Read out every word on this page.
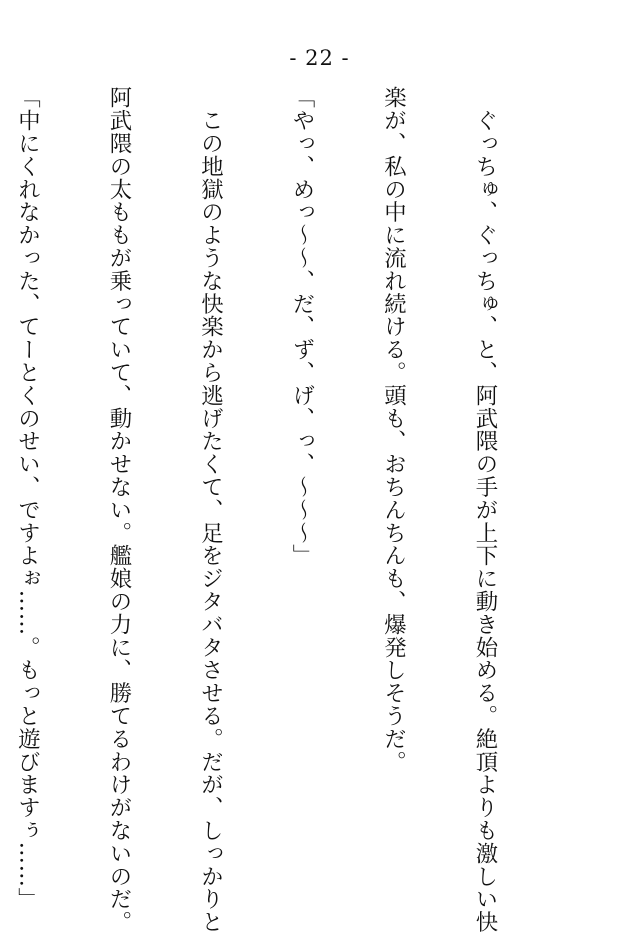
- 22 -

　ぐっちゅ、ぐっちゅ、と、阿武隈の手が上下に動き始める。絶頂よりも激しい快

楽が、私の中に流れ続ける。頭も、おちんちんも、爆発しそうだ。

「やっ、めっ〜〜、だ、ず、げ、っ、〜〜〜」

　この地獄のような快楽から逃げたくて、足をジタバタさせる。だが、しっかりと

阿武隈の太ももが乗っていて、動かせない。艦娘の力に、勝てるわけがないのだ。

「中にくれなかった、てーとくのせい、ですよぉ……。もっと遊びますぅ……」
